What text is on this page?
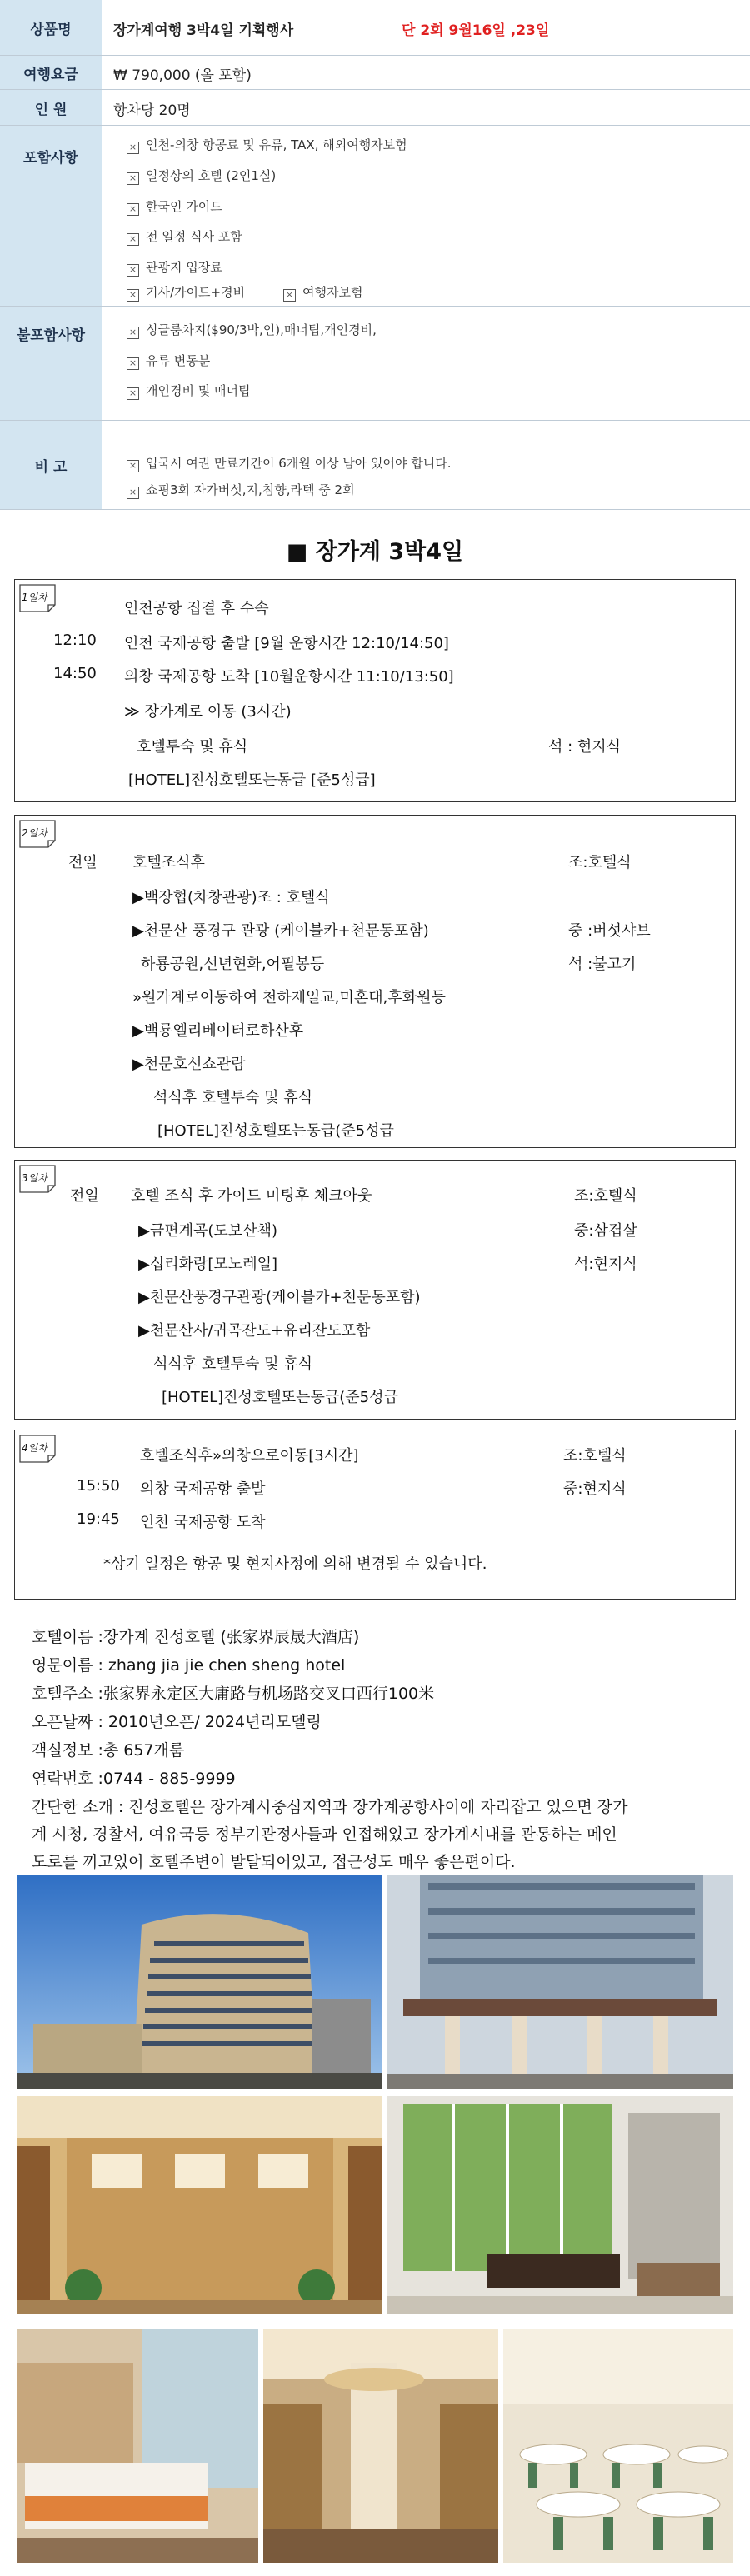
상품명	장가계여행 3박4일 기획행사	단 2회 9월16일 ,23일
여행요금	₩ 790,000 (올 포함)
인 원	항차당 20명
포함사항
× 인천-의창 항공료 및 유류, TAX, 해외여행자보험
× 일정상의 호텔 (2인1실)
× 한국인 가이드
× 전 일정 식사 포함
× 관광지 입장료
× 기사/가이드+경비	× 여행자보험
불포함사항	× 싱글룸차지($90/3박,인),매너팁,개인경비,
× 유류 변동분
× 개인경비 및 매너팁
비 고	× 입국시 여권 만료기간이 6개월 이상 남아 있어야 합니다.
× 쇼핑3회 자가버섯,지,침향,라텍 중 2회
■ 장가계 3박4일
1일차
인천공항 집결 후 수속
12:10 인천 국제공항 출발 [9월 운항시간 12:10/14:50]
14:50 의창 국제공항 도착 [10월운항시간 11:10/13:50]
≫ 장가계로 이동 (3시간)
호텔투숙 및 휴식	석 : 현지식
[HOTEL]진성호텔또는동급 [준5성급]
2일차
전일 호텔조식후	조:호텔식
▶백장협(차창관광)조 : 호텔식
▶천문산 풍경구 관광 (케이블카+천문동포함)	중 :버섯샤브
하룡공원,선년현화,어필봉등	석 :불고기
»원가계로이동하여 천하제일교,미혼대,후화원등
▶백룡엘리베이터로하산후
▶천문호선쇼관람
석식후 호텔투숙 및 휴식
[HOTEL]진성호텔또는동급(준5성급
3일차
전일 호텔 조식 후 가이드 미팅후 체크아웃	조:호텔식
▶금편계곡(도보산책)	중:삼겹살
▶십리화랑[모노레일]	석:현지식
▶천문산풍경구관광(케이블카+천문동포함)
▶천문산사/귀곡잔도+유리잔도포함
석식후 호텔투숙 및 휴식
[HOTEL]진성호텔또는동급(준5성급
4일차	호텔조식후»의창으로이동[3시간]	조:호텔식
15:50 의창 국제공항 출발	중:현지식
19:45 인천 국제공항 도착
*상기 일정은 항공 및 현지사정에 의해 변경될 수 있습니다.
호텔이름 :장가계 진성호텔 (张家界辰晟大酒店)
영문이름 : zhang jia jie chen sheng hotel
호텔주소 :张家界永定区大庸路与机场路交叉口西行100米
오픈날짜 : 2010년오픈/ 2024년리모델링
객실정보 :총 657개룸
연락번호 :0744 - 885-9999
간단한 소개 : 진성호텔은 장가계시중심지역과 장가계공항사이에 자리잡고 있으면 장가
계 시청, 경찰서, 여유국등 정부기관정사들과 인접해있고 장가계시내를 관통하는 메인
도로를 끼고있어 호텔주변이 발달되어있고, 접근성도 매우 좋은편이다.
